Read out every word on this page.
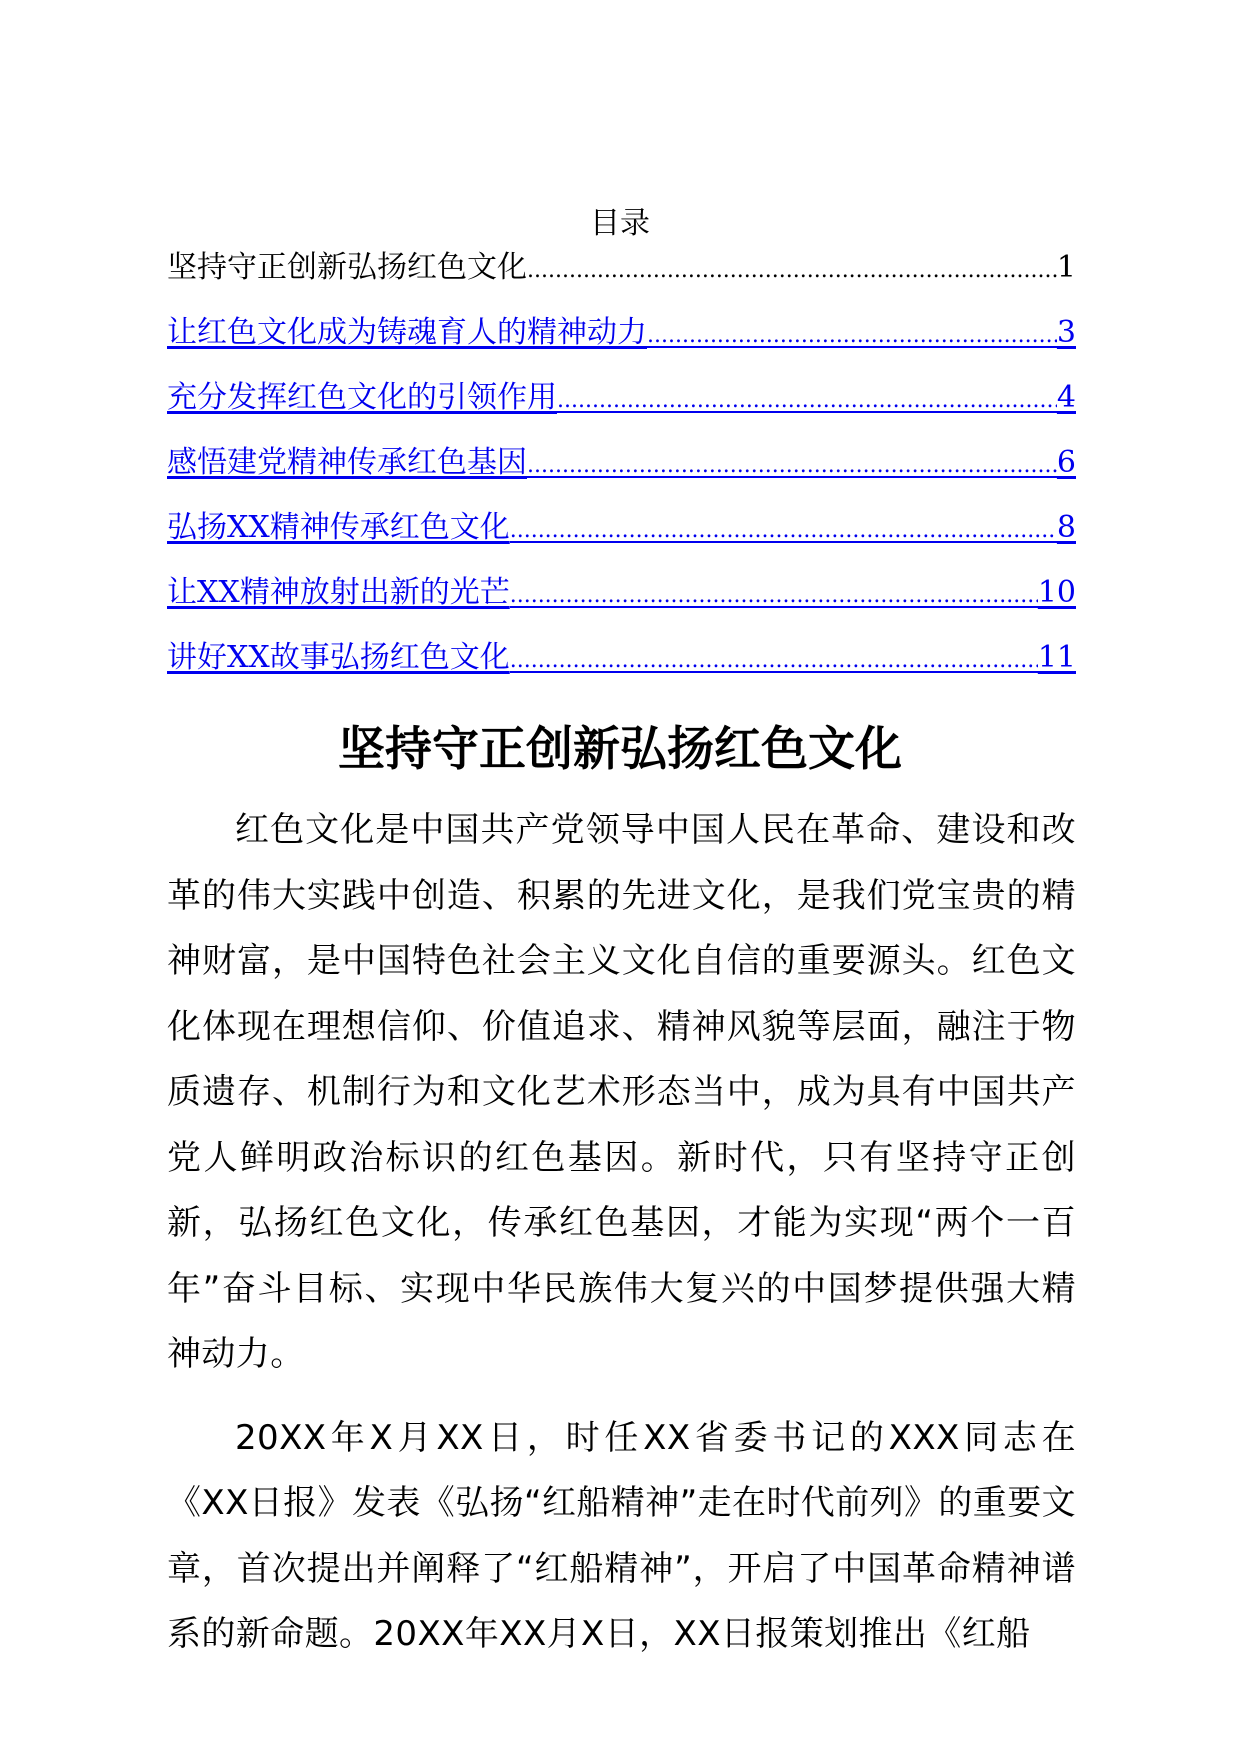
目录
坚持守正创新弘扬红色文化 .....	1
让红色文化成为铸魂育人的精神动力 .....	3
充分发挥红色文化的引领作用 .....	4
感悟建党精神传承红色基因 .....	6
弘扬XX精神传承红色文化 .....	8
让XX精神放射出新的光芒 .....	10
讲好XX故事弘扬红色文化 .....	11
坚持守正创新弘扬红色文化

红色文化是中国共产党领导中国人民在革命、建设和改革的伟大实践中创造、积累的先进文化，是我们党宝贵的精神财富，是中国特色社会主义文化自信的重要源头。红色文化体现在理想信仰、价值追求、精神风貌等层面，融注于物质遗存、机制行为和文化艺术形态当中，成为具有中国共产党人鲜明政治标识的红色基因。新时代，只有坚持守正创新，弘扬红色文化，传承红色基因，才能为实现“两个一百年”奋斗目标、实现中华民族伟大复兴的中国梦提供强大精神动力。

20XX年X月XX日，时任XX省委书记的XXX同志在《XX日报》发表《弘扬“红船精神”走在时代前列》的重要文章，首次提出并阐释了“红船精神”，开启了中国革命精神谱系的新命题。20XX年XX月X日，XX日报策划推出《红船
